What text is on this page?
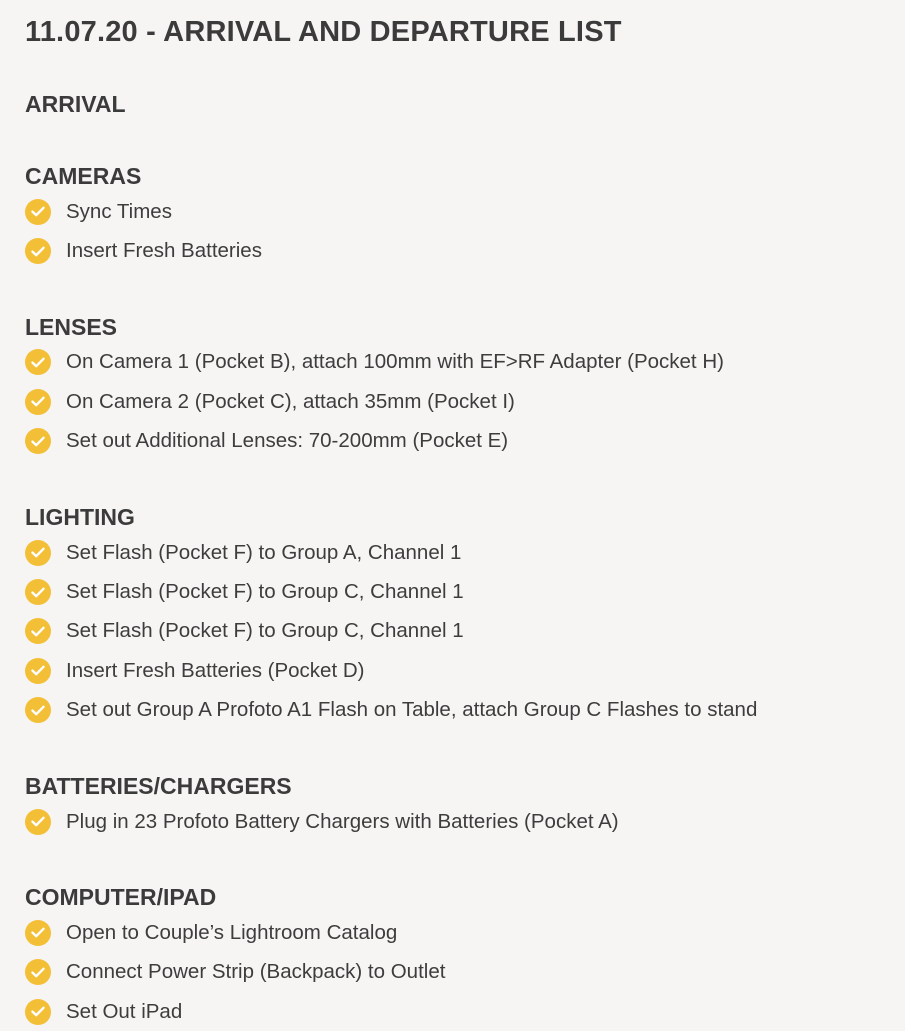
11.07.20 - ARRIVAL AND DEPARTURE LIST
ARRIVAL
CAMERAS
Sync Times
Insert Fresh Batteries
LENSES
On Camera 1 (Pocket B), attach 100mm with EF>RF Adapter (Pocket H)
On Camera 2 (Pocket C), attach 35mm (Pocket I)
Set out Additional Lenses: 70-200mm (Pocket E)
LIGHTING
Set Flash (Pocket F) to Group A, Channel 1
Set Flash (Pocket F) to Group C, Channel 1
Set Flash (Pocket F) to Group C, Channel 1
Insert Fresh Batteries (Pocket D)
Set out Group A Profoto A1 Flash on Table, attach Group C Flashes to stand
BATTERIES/CHARGERS
Plug in 23 Profoto Battery Chargers with Batteries (Pocket A)
COMPUTER/IPAD
Open to Couple’s Lightroom Catalog
Connect Power Strip (Backpack) to Outlet
Set Out iPad
